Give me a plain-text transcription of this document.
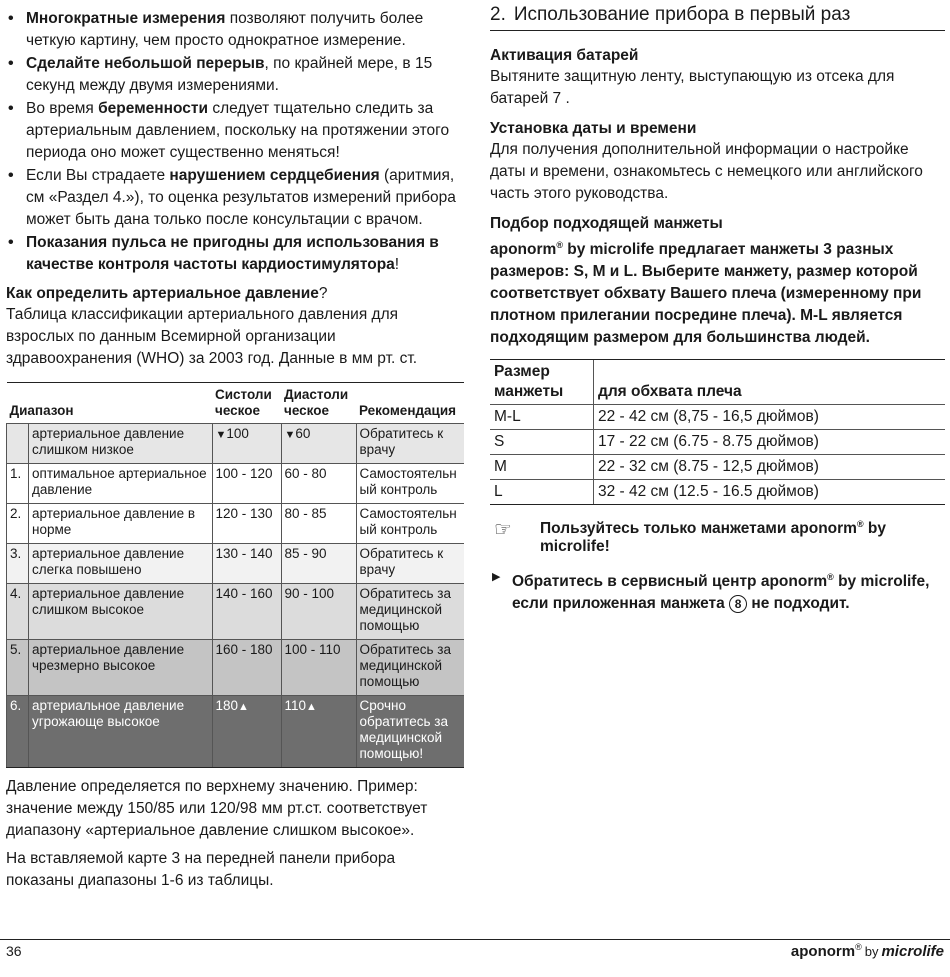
• Многократные измерения позволяют получить более четкую картину, чем просто однократное измерение.
• Сделайте небольшой перерыв, по крайней мере, в 15 секунд между двумя измерениями.
• Во время беременности следует тщательно следить за артериальным давлением, поскольку на протяжении этого периода оно может существенно меняться!
• Если Вы страдаете нарушением сердцебиения (аритмия, см «Раздел 4.»), то оценка результатов измерений прибора может быть дана только после консультации с врачом.
• Показания пульса не пригодны для использования в качестве контроля частоты кардиостимулятора!
Как определить артериальное давление?

Таблица классификации артериального давления для взрослых по данным Всемирной организации здравоохранения (WHO) за 2003 год. Данные в мм рт. ст.

Диапазон		Систоли ческое	Диастоли ческое	Рекомендация
	артериальное давление слишком низкое	▼100	▼60	Обратитесь к врачу
1.	оптимальное артериальное давление	100 - 120	60 - 80	Самостоятельн ый контроль
2.	артериальное давление в норме	120 - 130	80 - 85	Самостоятельн ый контроль
3.	артериальное давление слегка повышено	130 - 140	85 - 90	Обратитесь к врачу
4.	артериальное давление слишком высокое	140 - 160	90 - 100	Обратитесь за медицинской помощью
5.	артериальное давление чрезмерно высокое	160 - 180	100 - 110	Обратитесь за медицинской помощью
6.	артериальное давление угрожающе высокое	180▲	110▲	Срочно обратитесь за медицинской помощью!

Давление определяется по верхнему значению. Пример: значение между 150/85 или 120/98 мм рт.ст. соответствует диапазону «артериальное давление слишком высокое».

На вставляемой карте 3 на передней панели прибора показаны диапазоны 1-6 из таблицы.

2. Использование прибора в первый раз
Активация батарей

Вытяните защитную ленту, выступающую из отсека для батарей 7 .

Установка даты и времени

Для получения дополнительной информации о настройке даты и времени, ознакомьтесь с немецкого или английского часть этого руководства.

Подбор подходящей манжеты

aponorm® by microlife предлагает манжеты 3 разных размеров: S, M и L. Выберите манжету, размер которой соответствует обхвату Вашего плеча (измеренному при плотном прилегании посредине плеча). M-L является подходящим размером для большинства людей.

Размер манжеты	для обхвата плеча
M-L	22 - 42 см (8,75 - 16,5 дюймов)
S	17 - 22 см (6.75 - 8.75 дюймов)
M	22 - 32 см (8.75 - 12,5 дюймов)
L	32 - 42 см (12.5 - 16.5 дюймов)
☞ Пользуйтесь только манжетами aponorm® by microlife!
▶ Обратитесь в сервисный центр aponorm® by microlife, если приложенная манжета 8 не подходит.
36	aponorm® by microlife
